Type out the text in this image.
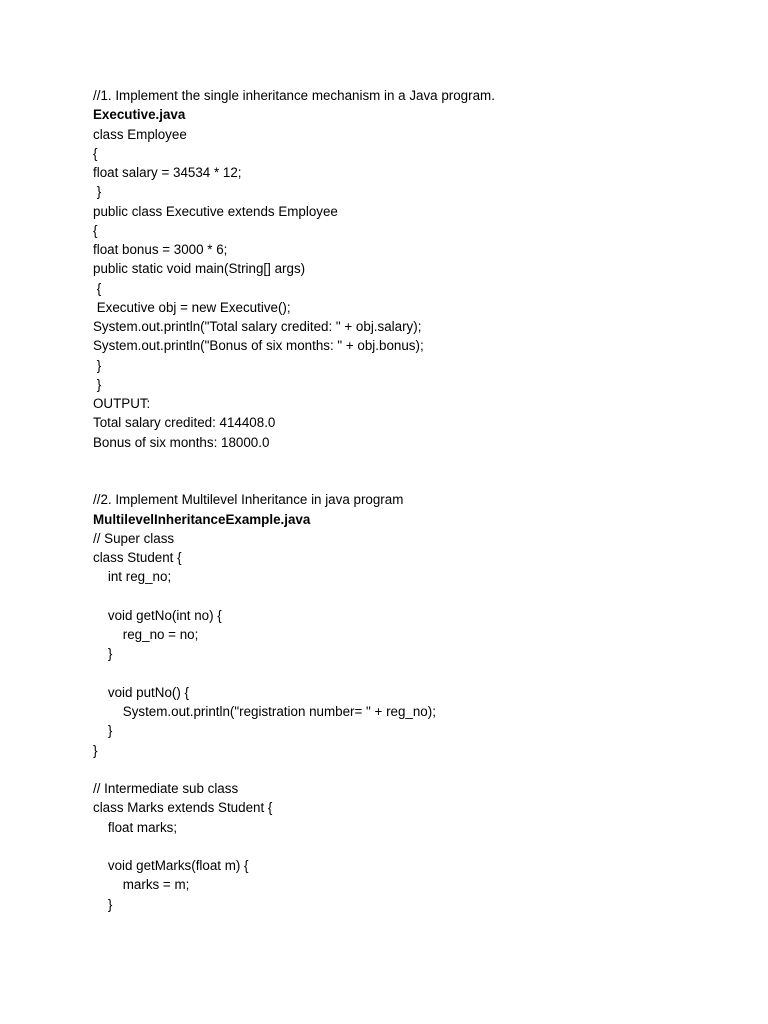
//1. Implement the single inheritance mechanism in a Java program.
Executive.java
class Employee
{
float salary = 34534 * 12;
}
public class Executive extends Employee
{
float bonus = 3000 * 6;
public static void main(String[] args)
{
Executive obj = new Executive();
System.out.println("Total salary credited: " + obj.salary);
System.out.println("Bonus of six months: " + obj.bonus);
}
}
OUTPUT:
Total salary credited: 414408.0
Bonus of six months: 18000.0
//2. Implement Multilevel Inheritance in java program
MultilevelInheritanceExample.java
// Super class
class Student {
int reg_no;
void getNo(int no) {
reg_no = no;
}
void putNo() {
System.out.println("registration number= " + reg_no);
}
}
// Intermediate sub class
class Marks extends Student {
float marks;
void getMarks(float m) {
marks = m;
}
